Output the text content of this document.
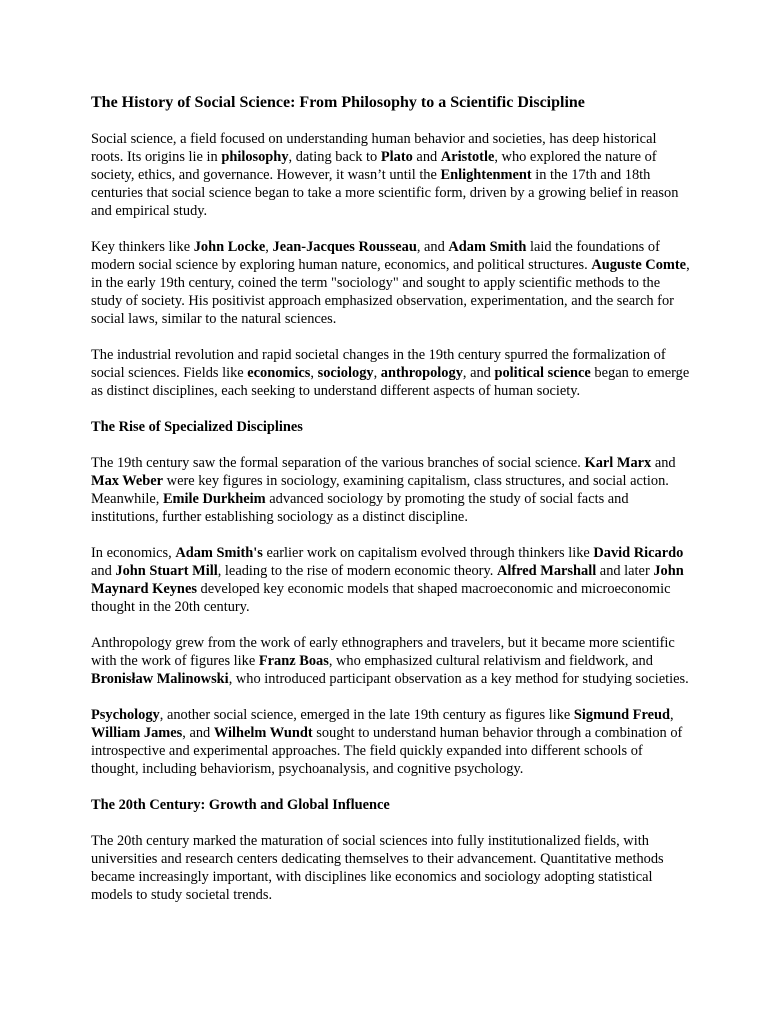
The History of Social Science: From Philosophy to a Scientific Discipline
Social science, a field focused on understanding human behavior and societies, has deep historical roots. Its origins lie in philosophy, dating back to Plato and Aristotle, who explored the nature of society, ethics, and governance. However, it wasn’t until the Enlightenment in the 17th and 18th centuries that social science began to take a more scientific form, driven by a growing belief in reason and empirical study.
Key thinkers like John Locke, Jean-Jacques Rousseau, and Adam Smith laid the foundations of modern social science by exploring human nature, economics, and political structures. Auguste Comte, in the early 19th century, coined the term "sociology" and sought to apply scientific methods to the study of society. His positivist approach emphasized observation, experimentation, and the search for social laws, similar to the natural sciences.
The industrial revolution and rapid societal changes in the 19th century spurred the formalization of social sciences. Fields like economics, sociology, anthropology, and political science began to emerge as distinct disciplines, each seeking to understand different aspects of human society.
The Rise of Specialized Disciplines
The 19th century saw the formal separation of the various branches of social science. Karl Marx and Max Weber were key figures in sociology, examining capitalism, class structures, and social action. Meanwhile, Emile Durkheim advanced sociology by promoting the study of social facts and institutions, further establishing sociology as a distinct discipline.
In economics, Adam Smith's earlier work on capitalism evolved through thinkers like David Ricardo and John Stuart Mill, leading to the rise of modern economic theory. Alfred Marshall and later John Maynard Keynes developed key economic models that shaped macroeconomic and microeconomic thought in the 20th century.
Anthropology grew from the work of early ethnographers and travelers, but it became more scientific with the work of figures like Franz Boas, who emphasized cultural relativism and fieldwork, and Bronisław Malinowski, who introduced participant observation as a key method for studying societies.
Psychology, another social science, emerged in the late 19th century as figures like Sigmund Freud, William James, and Wilhelm Wundt sought to understand human behavior through a combination of introspective and experimental approaches. The field quickly expanded into different schools of thought, including behaviorism, psychoanalysis, and cognitive psychology.
The 20th Century: Growth and Global Influence
The 20th century marked the maturation of social sciences into fully institutionalized fields, with universities and research centers dedicating themselves to their advancement. Quantitative methods became increasingly important, with disciplines like economics and sociology adopting statistical models to study societal trends.
